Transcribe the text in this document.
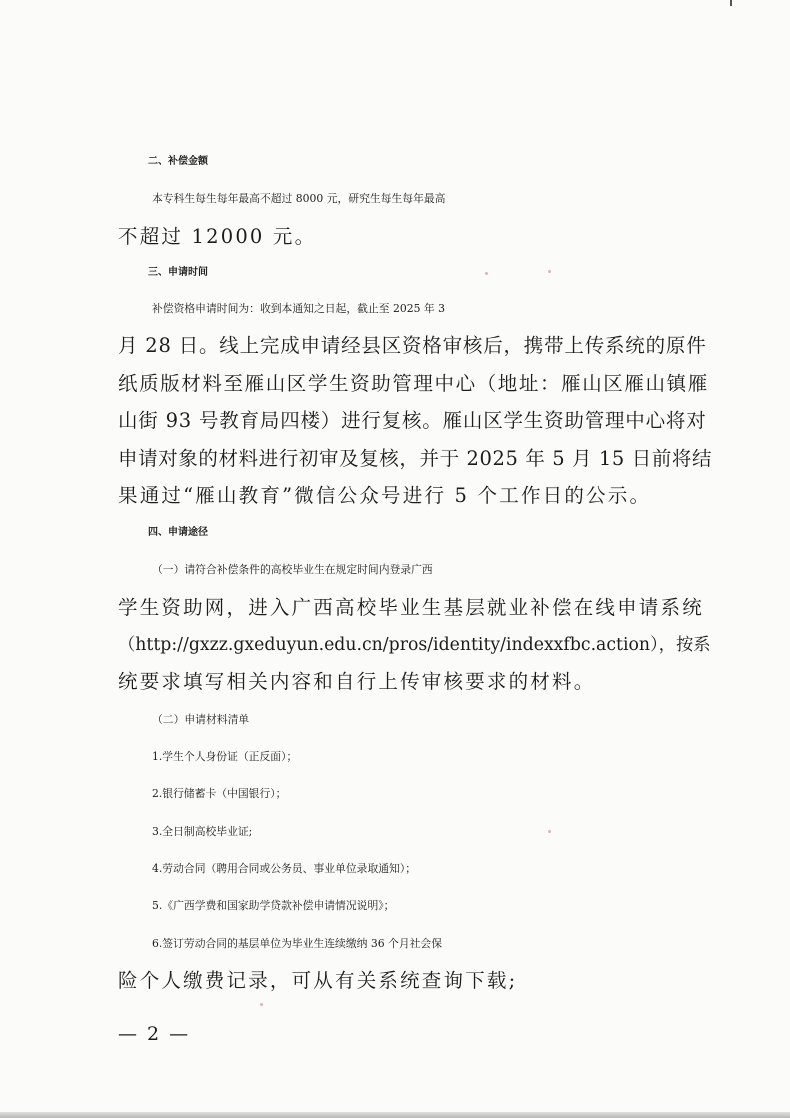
二、补偿金额
本专科生每生每年最高不超过 8000 元，研究生每生每年最高
不超过 12000 元。
三、申请时间
补偿资格申请时间为：收到本通知之日起，截止至 2025 年 3
月 28 日。线上完成申请经县区资格审核后，携带上传系统的原件
纸质版材料至雁山区学生资助管理中心（地址：雁山区雁山镇雁
山街 93 号教育局四楼）进行复核。雁山区学生资助管理中心将对
申请对象的材料进行初审及复核，并于 2025 年 5 月 15 日前将结
果通过“雁山教育”微信公众号进行 5 个工作日的公示。
四、申请途径
（一）请符合补偿条件的高校毕业生在规定时间内登录广西
学生资助网，进入广西高校毕业生基层就业补偿在线申请系统
（http://gxzz.gxeduyun.edu.cn/pros/identity/indexxfbc.action），按系
统要求填写相关内容和自行上传审核要求的材料。
（二）申请材料清单
1.学生个人身份证（正反面）；
2.银行储蓄卡（中国银行）；
3.全日制高校毕业证;
4.劳动合同（聘用合同或公务员、事业单位录取通知）；
5.《广西学费和国家助学贷款补偿申请情况说明》；
6.签订劳动合同的基层单位为毕业生连续缴纳 36 个月社会保
险个人缴费记录，可从有关系统查询下载;
— 2 —
